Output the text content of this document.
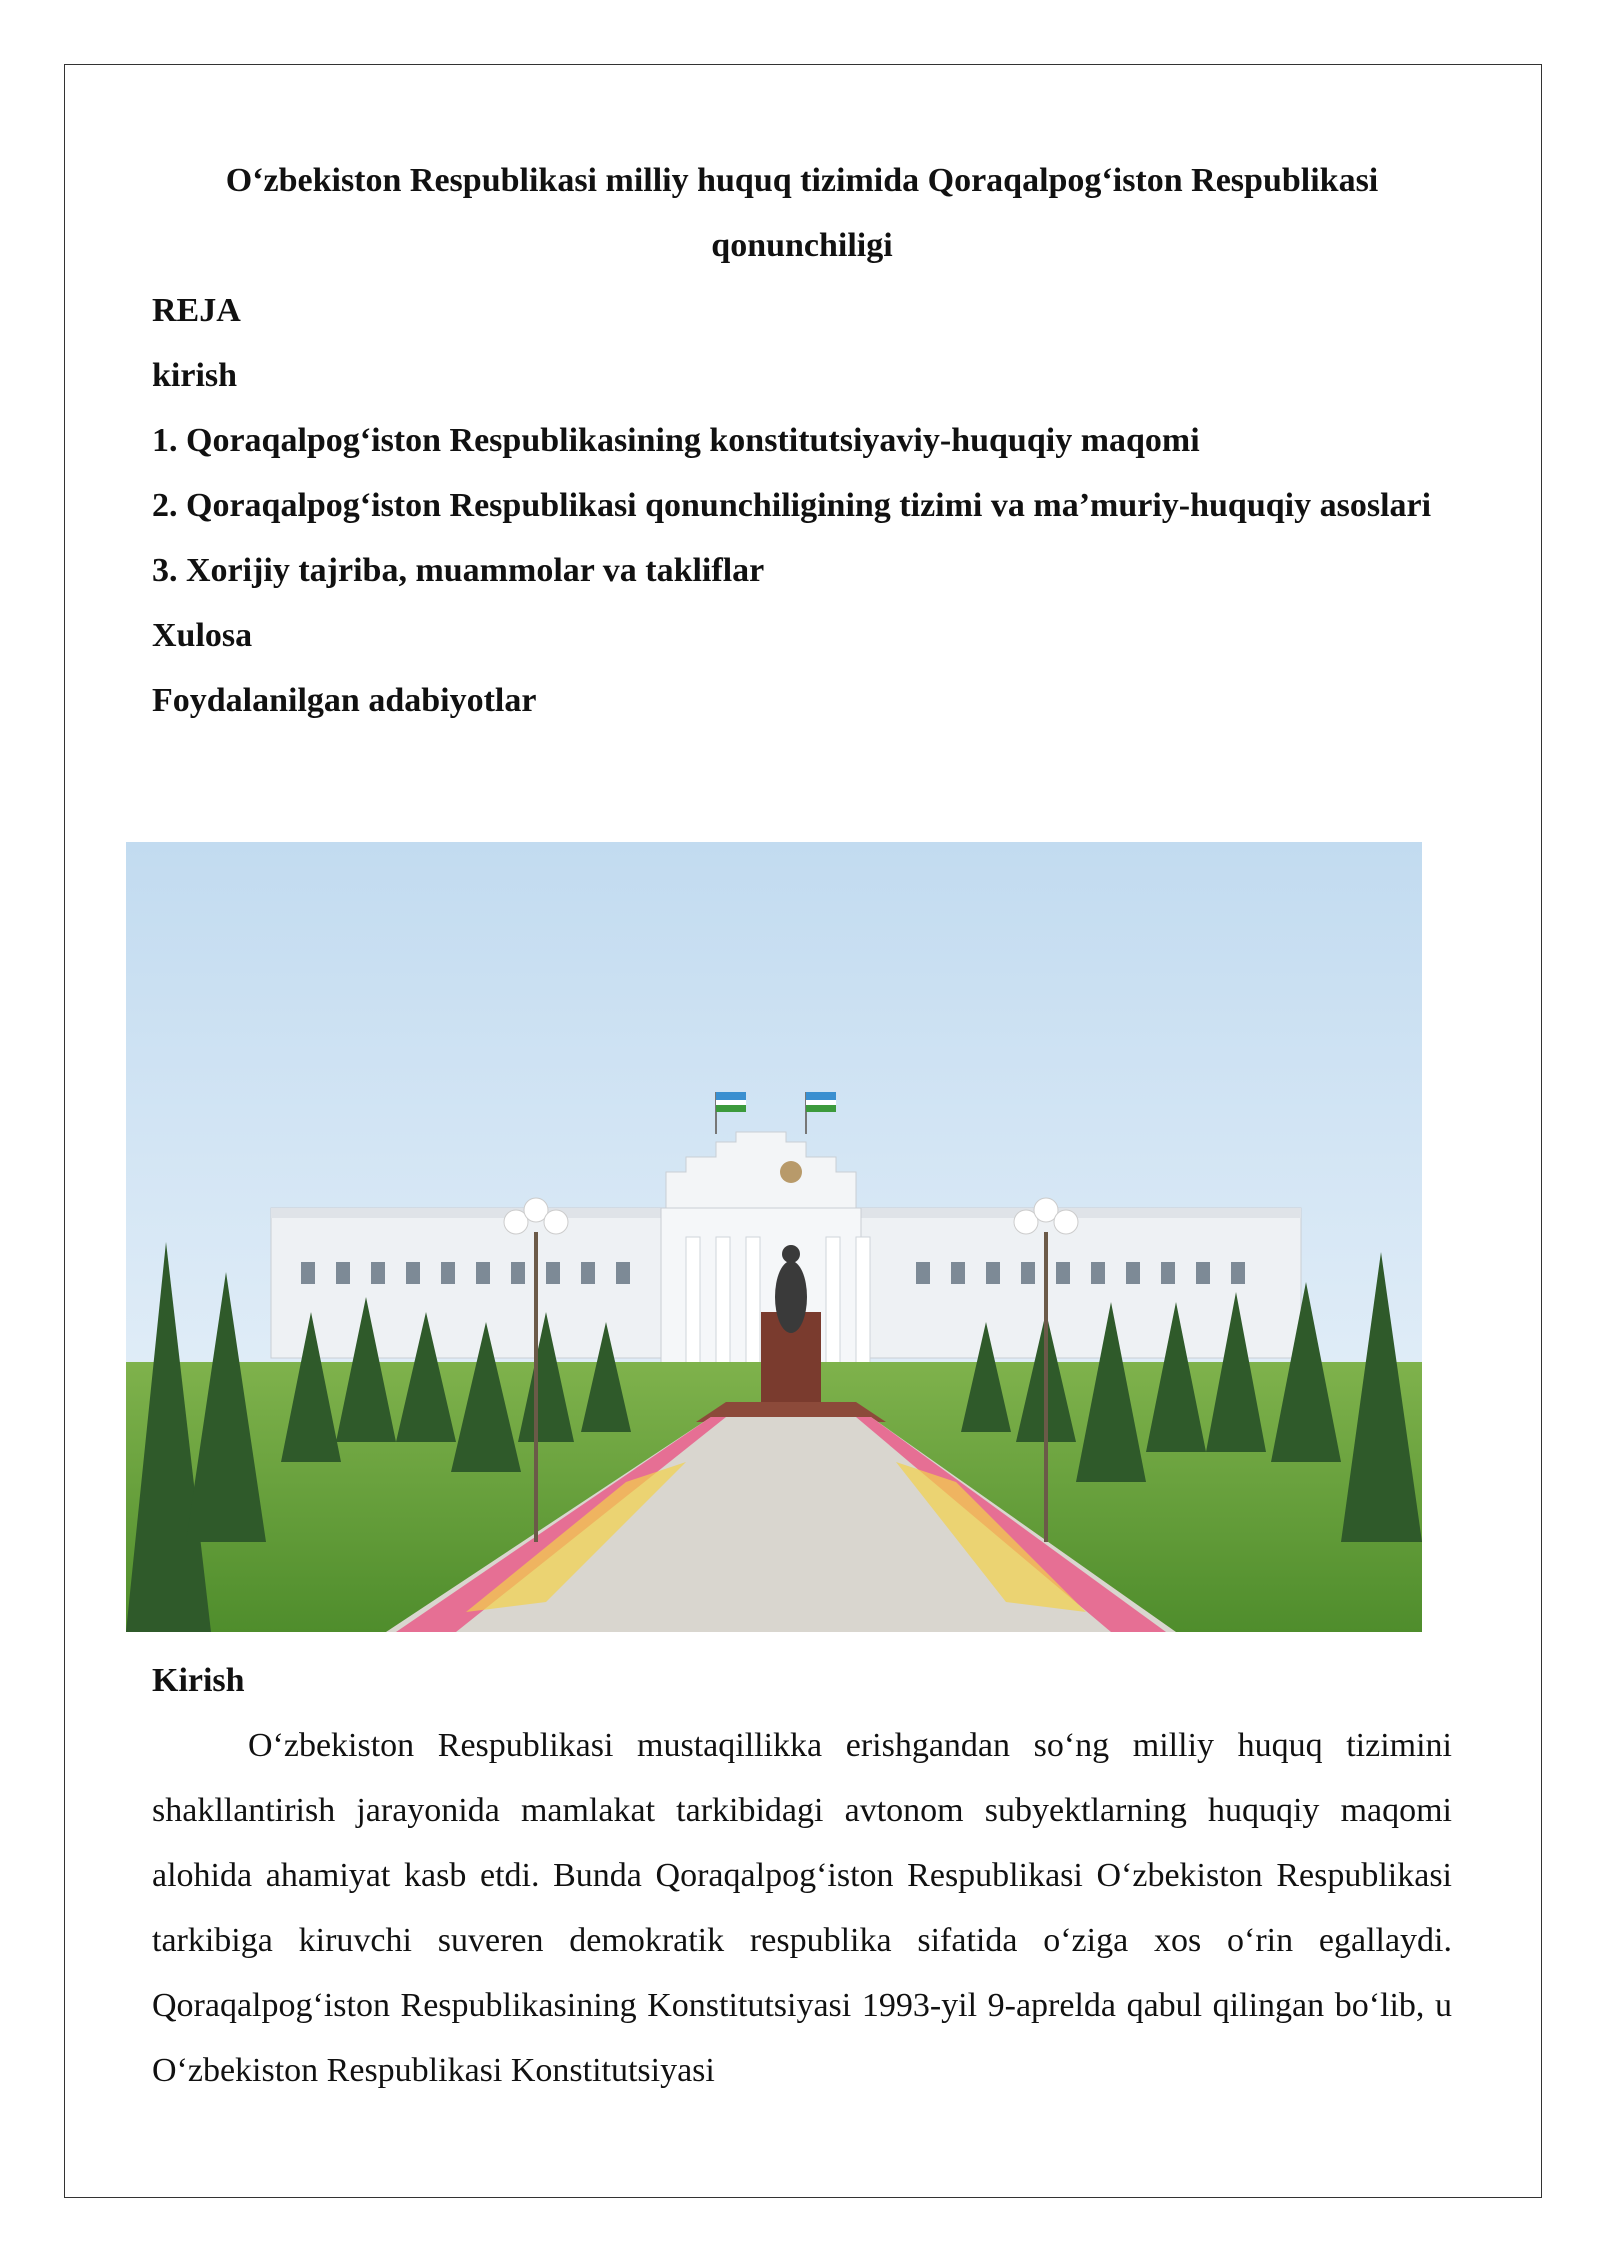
O‘zbekiston Respublikasi milliy huquq tizimida Qoraqalpog‘iston Respublikasi qonunchiligi
REJA
kirish
1. Qoraqalpog‘iston Respublikasining konstitutsiyaviy-huquqiy maqomi
2. Qoraqalpog‘iston Respublikasi qonunchiligining tizimi va ma’muriy-huquqiy asoslari
3. Xorijiy tajriba, muammolar va takliflar
Xulosa
Foydalanilgan adabiyotlar
Kirish

O‘zbekiston Respublikasi mustaqillikka erishgandan so‘ng milliy huquq tizimini shakllantirish jarayonida mamlakat tarkibidagi avtonom subyektlarning huquqiy maqomi alohida ahamiyat kasb etdi. Bunda Qoraqalpog‘iston Respublikasi O‘zbekiston Respublikasi tarkibiga kiruvchi suveren demokratik respublika sifatida o‘ziga xos o‘rin egallaydi. Qoraqalpog‘iston Respublikasining Konstitutsiyasi 1993-yil 9-aprelda qabul qilingan bo‘lib, u O‘zbekiston Respublikasi Konstitutsiyasi
